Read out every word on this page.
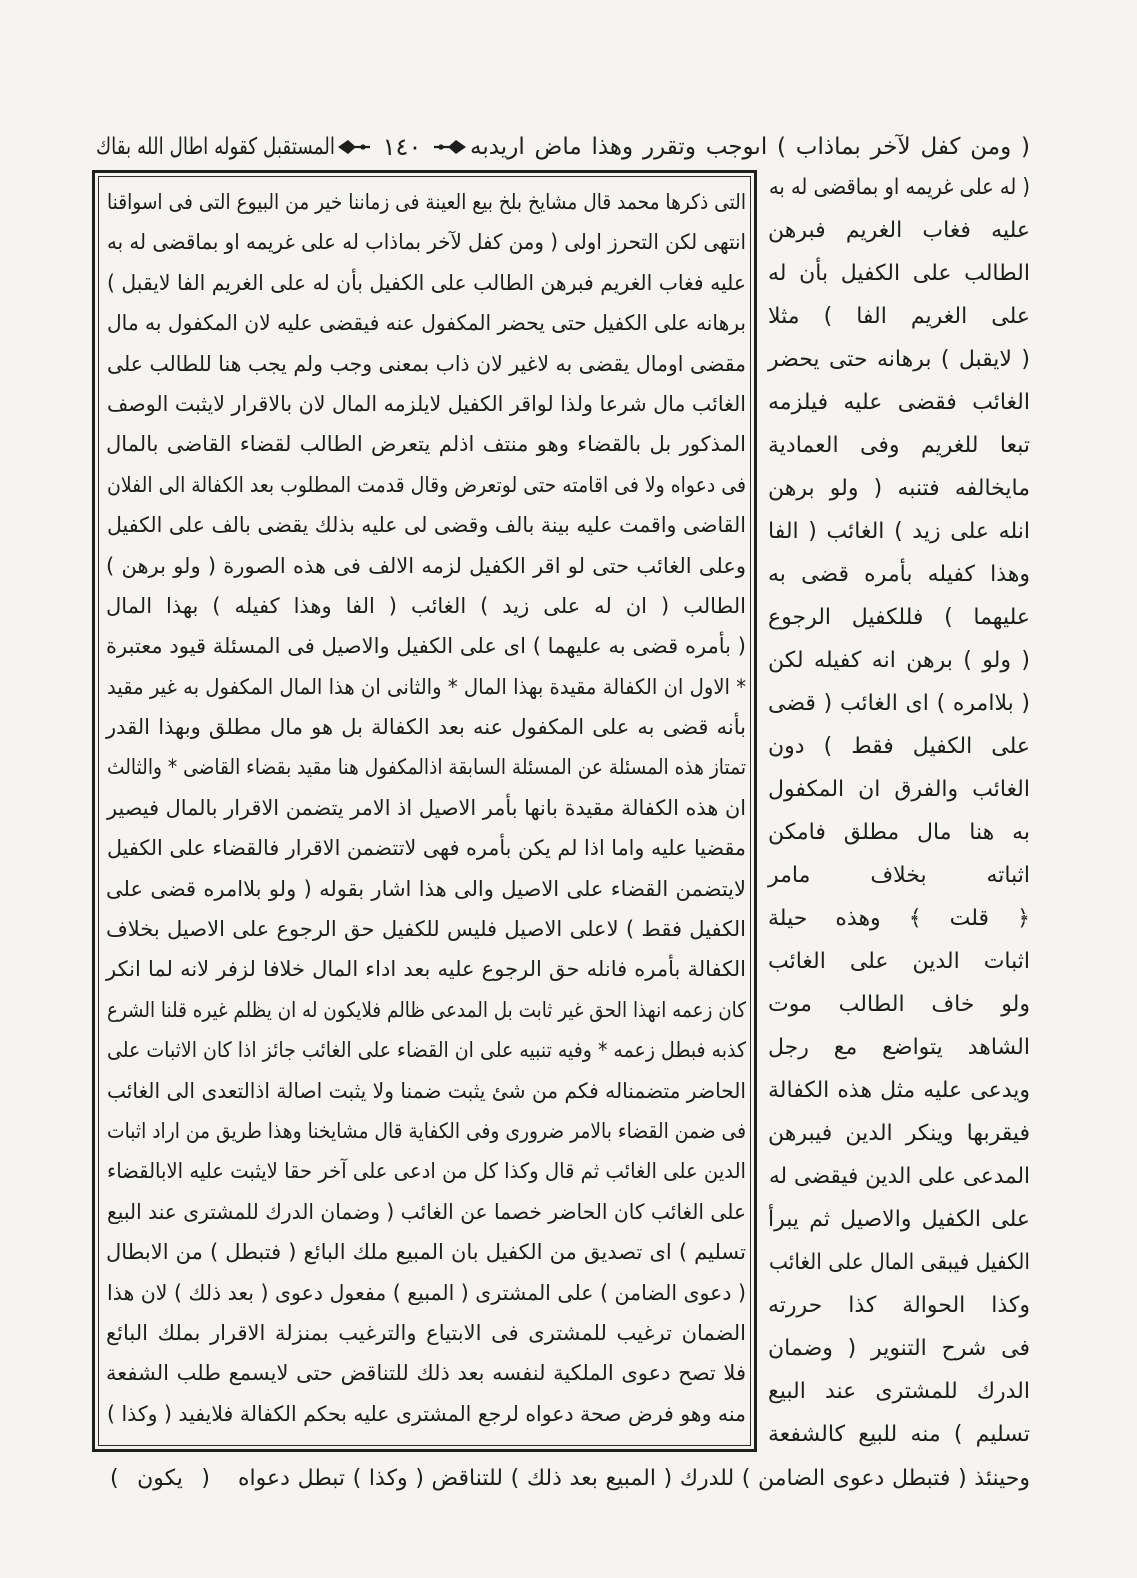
( ومن كفل لآخر بماذاب ) اىوجب وتقرر وهذا ماض اريدبه
١٤٠
المستقبل كقوله اطال الله بقاك
التى ذكرها محمد قال مشايخ بلخ بيع العينة فى زماننا خير من البيوع التى فى اسواقنا
انتهى لكن التحرز اولى ( ومن كفل لآخر بماذاب له على غريمه او بماقضى له به
عليه فغاب الغريم فبرهن الطالب على الكفيل بأن له على الغريم الفا لايقبل )
برهانه على الكفيل حتى يحضر المكفول عنه فيقضى عليه لان المكفول به مال
مقضى اومال يقضى به لاغير لان ذاب بمعنى وجب ولم يجب هنا للطالب على
الغائب مال شرعا ولذا لواقر الكفيل لايلزمه المال لان بالاقرار لايثبت الوصف
المذكور بل بالقضاء وهو منتف اذلم يتعرض الطالب لقضاء القاضى بالمال
فى دعواه ولا فى اقامته حتى لوتعرض وقال قدمت المطلوب بعد الكفالة الى الفلان
القاضى واقمت عليه بينة بالف وقضى لى عليه بذلك يقضى بالف على الكفيل
وعلى الغائب حتى لو اقر الكفيل لزمه الالف فى هذه الصورة ( ولو برهن )
الطالب ( ان له على زيد ) الغائب ( الفا وهذا كفيله ) بهذا المال
( بأمره قضى به عليهما ) اى على الكفيل والاصيل فى المسئلة قيود معتبرة
* الاول ان الكفالة مقيدة بهذا المال * والثانى ان هذا المال المكفول به غير مقيد
بأنه قضى به على المكفول عنه بعد الكفالة بل هو مال مطلق وبهذا القدر
تمتاز هذه المسئلة عن المسئلة السابقة اذالمكفول هنا مقيد بقضاء القاضى * والثالث
ان هذه الكفالة مقيدة بانها بأمر الاصيل اذ الامر يتضمن الاقرار بالمال فيصير
مقضيا عليه واما اذا لم يكن بأمره فهى لاتتضمن الاقرار فالقضاء على الكفيل
لايتضمن القضاء على الاصيل والى هذا اشار بقوله ( ولو بلاامره قضى على
الكفيل فقط ) لاعلى الاصيل فليس للكفيل حق الرجوع على الاصيل بخلاف
الكفالة بأمره فانله حق الرجوع عليه بعد اداء المال خلافا لزفر لانه لما انكر
كان زعمه انهذا الحق غير ثابت بل المدعى ظالم فلايكون له ان يظلم غيره قلنا الشرع
كذبه فبطل زعمه * وفيه تنبيه على ان القضاء على الغائب جائز اذا كان الاثبات على
الحاضر متضمناله فكم من شئ يثبت ضمنا ولا يثبت اصالة اذالتعدى الى الغائب
فى ضمن القضاء بالامر ضرورى وفى الكفاية قال مشايخنا وهذا طريق من اراد اثبات
الدين على الغائب ثم قال وكذا كل من ادعى على آخر حقا لايثبت عليه الابالقضاء
على الغائب كان الحاضر خصما عن الغائب ( وضمان الدرك للمشترى عند البيع
تسليم ) اى تصديق من الكفيل بان المبيع ملك البائع ( فتبطل ) من الابطال
( دعوى الضامن ) على المشترى ( المبيع ) مفعول دعوى ( بعد ذلك ) لان هذا
الضمان ترغيب للمشترى فى الابتياع والترغيب بمنزلة الاقرار بملك البائع
فلا تصح دعوى الملكية لنفسه بعد ذلك للتناقض حتى لايسمع طلب الشفعة
منه وهو فرض صحة دعواه لرجع المشترى عليه بحكم الكفالة فلايفيد ( وكذا )
( له على غريمه او بماقضى له به
عليه فغاب الغريم فبرهن
الطالب على الكفيل بأن له
على الغريم الفا ) مثلا
( لايقبل ) برهانه حتى يحضر
الغائب فقضى عليه فيلزمه
تبعا للغريم وفى العمادية
مايخالفه فتنبه ( ولو برهن
انله على زيد ) الغائب ( الفا
وهذا كفيله بأمره قضى به
عليهما ) فللكفيل الرجوع
( ولو ) برهن انه كفيله لكن
( بلاامره ) اى الغائب ( قضى
على الكفيل فقط ) دون
الغائب والفرق ان المكفول
به هنا مال مطلق فامكن
اثباته بخلاف مامر
﴿ قلت ﴾ وهذه حيلة
اثبات الدين على الغائب
ولو خاف الطالب موت
الشاهد يتواضع مع رجل
ويدعى عليه مثل هذه الكفالة
فيقربها وينكر الدين فيبرهن
المدعى على الدين فيقضى له
على الكفيل والاصيل ثم يبرأ
الكفيل فيبقى المال على الغائب
وكذا الحوالة كذا حررته
فى شرح التنوير ( وضمان
الدرك للمشترى عند البيع
تسليم ) منه للبيع كالشفعة
وحينئذ ( فتبطل دعوى الضامن ) للدرك ( المبيع بعد ذلك ) للتناقض ( وكذا ) تبطل دعواه
( يكون )
